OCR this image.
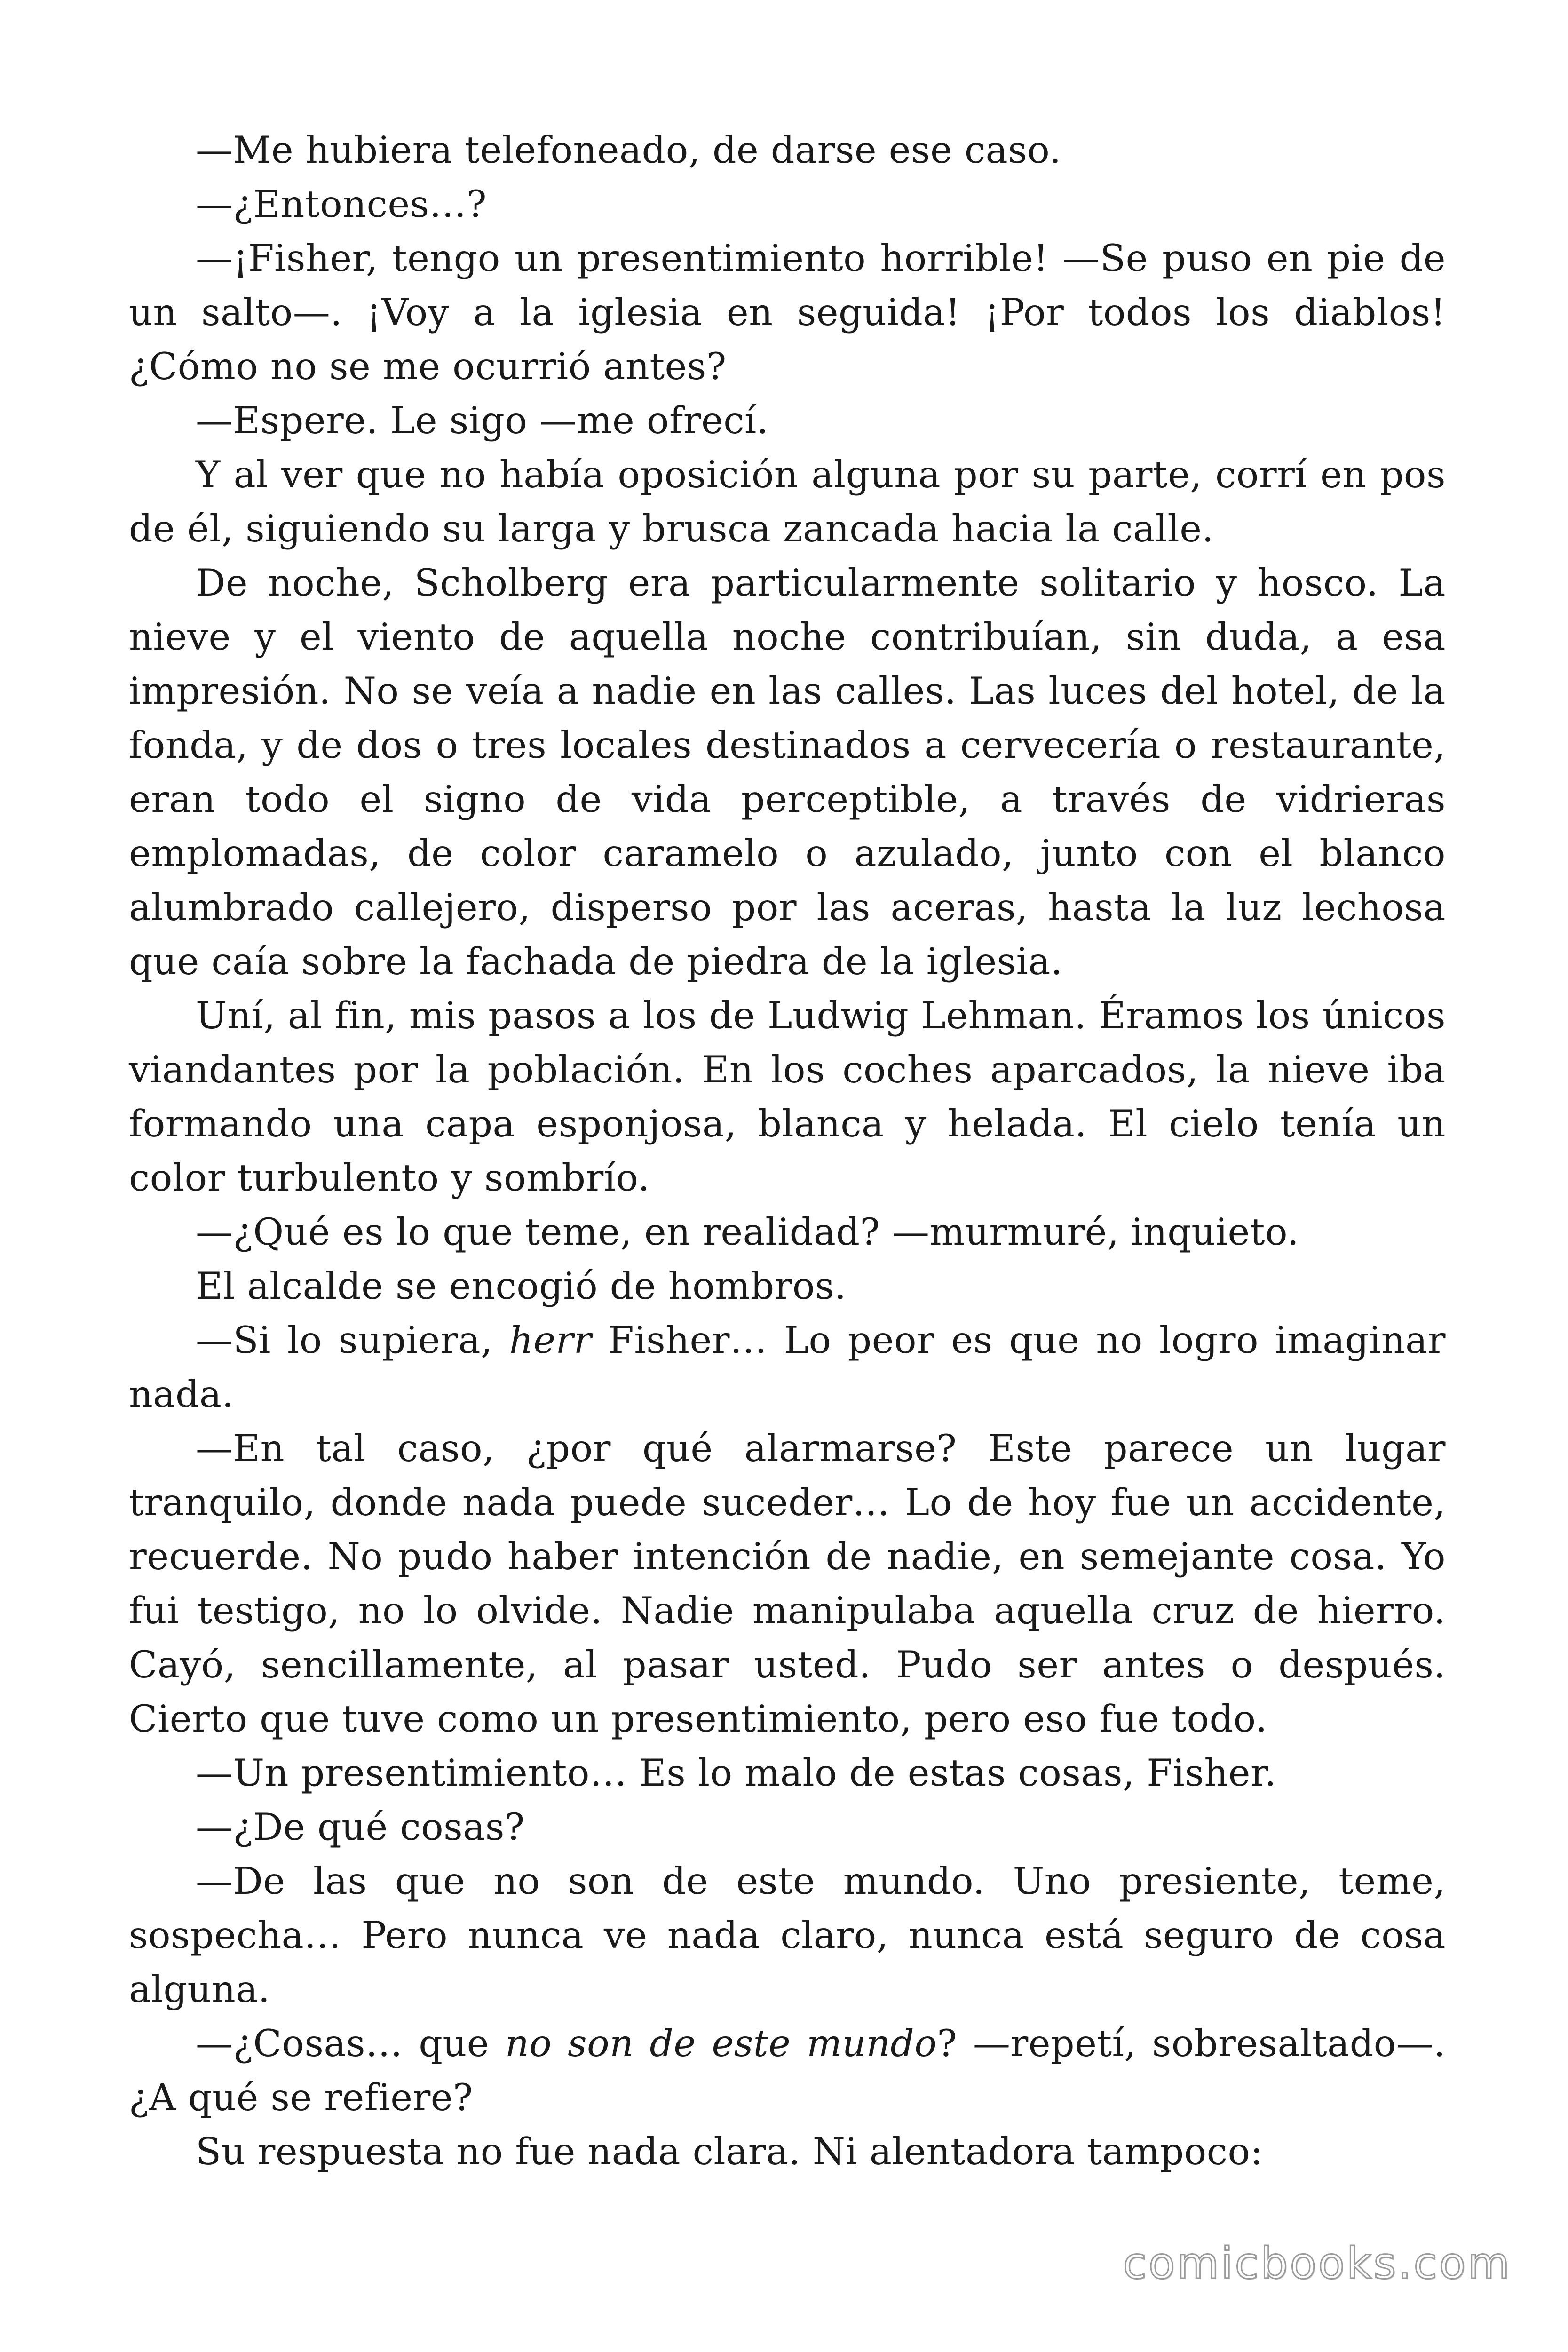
—Me hubiera telefoneado, de darse ese caso.

—¿Entonces…?

—¡Fisher, tengo un presentimiento horrible! —Se puso en pie de un salto—. ¡Voy a la iglesia en seguida! ¡Por todos los diablos! ¿Cómo no se me ocurrió antes?

—Espere. Le sigo —me ofrecí.

Y al ver que no había oposición alguna por su parte, corrí en pos de él, siguiendo su larga y brusca zancada hacia la calle.

De noche, Scholberg era particularmente solitario y hosco. La nieve y el viento de aquella noche contribuían, sin duda, a esa impresión. No se veía a nadie en las calles. Las luces del hotel, de la fonda, y de dos o tres locales destinados a cervecería o restaurante, eran todo el signo de vida perceptible, a través de vidrieras emplomadas, de color caramelo o azulado, junto con el blanco alumbrado callejero, disperso por las aceras, hasta la luz lechosa que caía sobre la fachada de piedra de la iglesia.

Uní, al fin, mis pasos a los de Ludwig Lehman. Éramos los únicos viandantes por la población. En los coches aparcados, la nieve iba formando una capa esponjosa, blanca y helada. El cielo tenía un color turbulento y sombrío.

—¿Qué es lo que teme, en realidad? —murmuré, inquieto.

El alcalde se encogió de hombros.

—Si lo supiera, herr Fisher… Lo peor es que no logro imaginar nada.

—En tal caso, ¿por qué alarmarse? Este parece un lugar tranquilo, donde nada puede suceder… Lo de hoy fue un accidente, recuerde. No pudo haber intención de nadie, en semejante cosa. Yo fui testigo, no lo olvide. Nadie manipulaba aquella cruz de hierro. Cayó, sencillamente, al pasar usted. Pudo ser antes o después. Cierto que tuve como un presentimiento, pero eso fue todo.

—Un presentimiento… Es lo malo de estas cosas, Fisher.

—¿De qué cosas?

—De las que no son de este mundo. Uno presiente, teme, sospecha… Pero nunca ve nada claro, nunca está seguro de cosa alguna.

—¿Cosas… que no son de este mundo? —repetí, sobresaltado—. ¿A qué se refiere?

Su respuesta no fue nada clara. Ni alentadora tampoco:

comicbooks.com
